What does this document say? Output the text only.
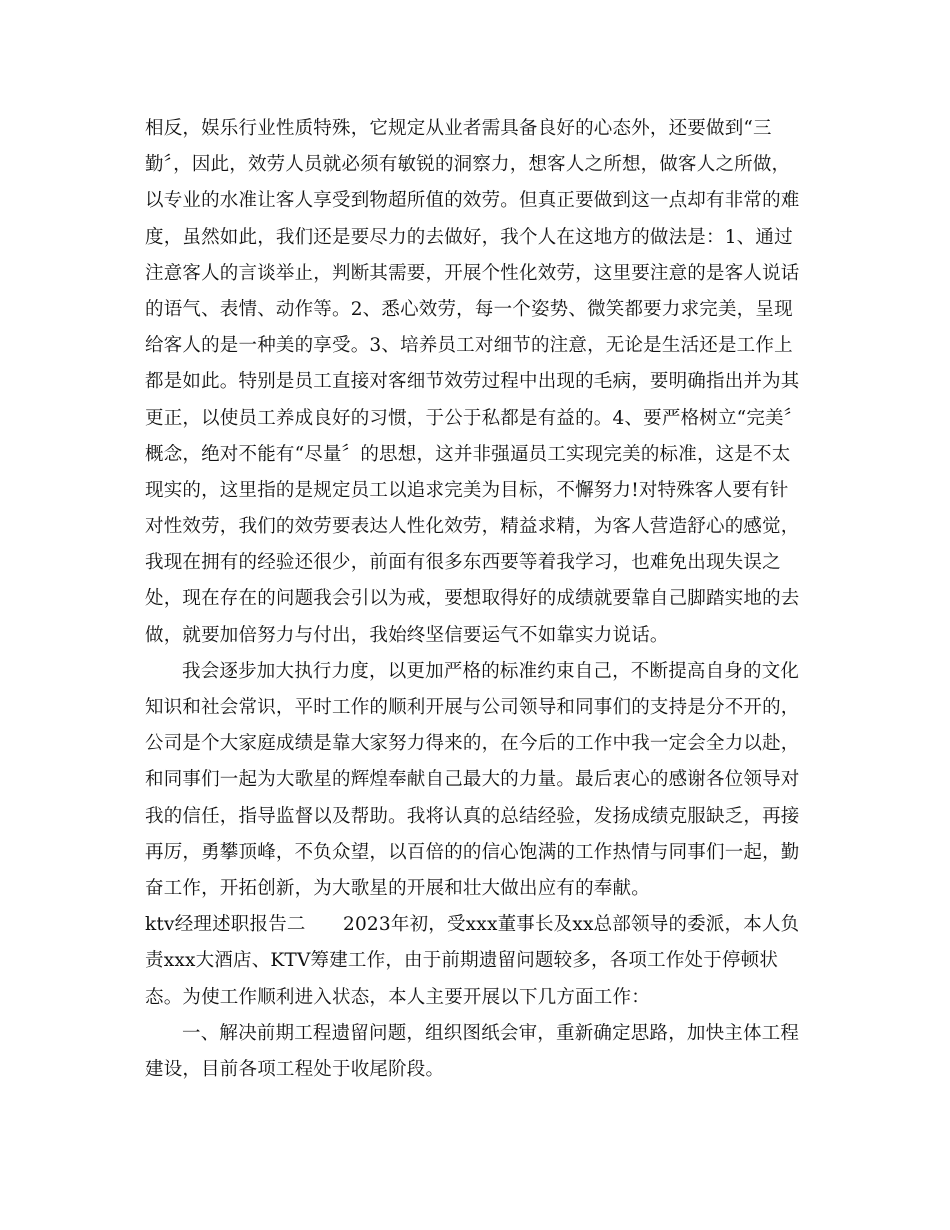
相反，娱乐行业性质特殊，它规定从业者需具备良好的心态外，还要做到“三
勤〞，因此，效劳人员就必须有敏锐的洞察力，想客人之所想，做客人之所做，
以专业的水准让客人享受到物超所值的效劳。但真正要做到这一点却有非常的难
度，虽然如此，我们还是要尽力的去做好，我个人在这地方的做法是：1、通过
注意客人的言谈举止，判断其需要，开展个性化效劳，这里要注意的是客人说话
的语气、表情、动作等。2、悉心效劳，每一个姿势、微笑都要力求完美，呈现
给客人的是一种美的享受。3、培养员工对细节的注意，无论是生活还是工作上
都是如此。特别是员工直接对客细节效劳过程中出现的毛病，要明确指出并为其
更正，以使员工养成良好的习惯，于公于私都是有益的。4、要严格树立“完美〞
概念，绝对不能有“尽量〞的思想，这并非强逼员工实现完美的标准，这是不太
现实的，这里指的是规定员工以追求完美为目标，不懈努力!对特殊客人要有针
对性效劳，我们的效劳要表达人性化效劳，精益求精，为客人营造舒心的感觉，
我现在拥有的经验还很少，前面有很多东西要等着我学习，也难免出现失误之
处，现在存在的问题我会引以为戒，要想取得好的成绩就要靠自己脚踏实地的去
做，就要加倍努力与付出，我始终坚信要运气不如靠实力说话。
我会逐步加大执行力度，以更加严格的标准约束自己，不断提高自身的文化
知识和社会常识，平时工作的顺利开展与公司领导和同事们的支持是分不开的，
公司是个大家庭成绩是靠大家努力得来的，在今后的工作中我一定会全力以赴，
和同事们一起为大歌星的辉煌奉献自己最大的力量。最后衷心的感谢各位领导对
我的信任，指导监督以及帮助。我将认真的总结经验，发扬成绩克服缺乏，再接
再厉，勇攀顶峰，不负众望，以百倍的的信心饱满的工作热情与同事们一起，勤
奋工作，开拓创新，为大歌星的开展和壮大做出应有的奉献。
ktv经理述职报告二　　2023年初，受xxx董事长及xx总部领导的委派，本人负
责xxx大酒店、KTV筹建工作，由于前期遗留问题较多，各项工作处于停顿状
态。为使工作顺利进入状态，本人主要开展以下几方面工作：
一、解决前期工程遗留问题，组织图纸会审，重新确定思路，加快主体工程
建设，目前各项工程处于收尾阶段。
